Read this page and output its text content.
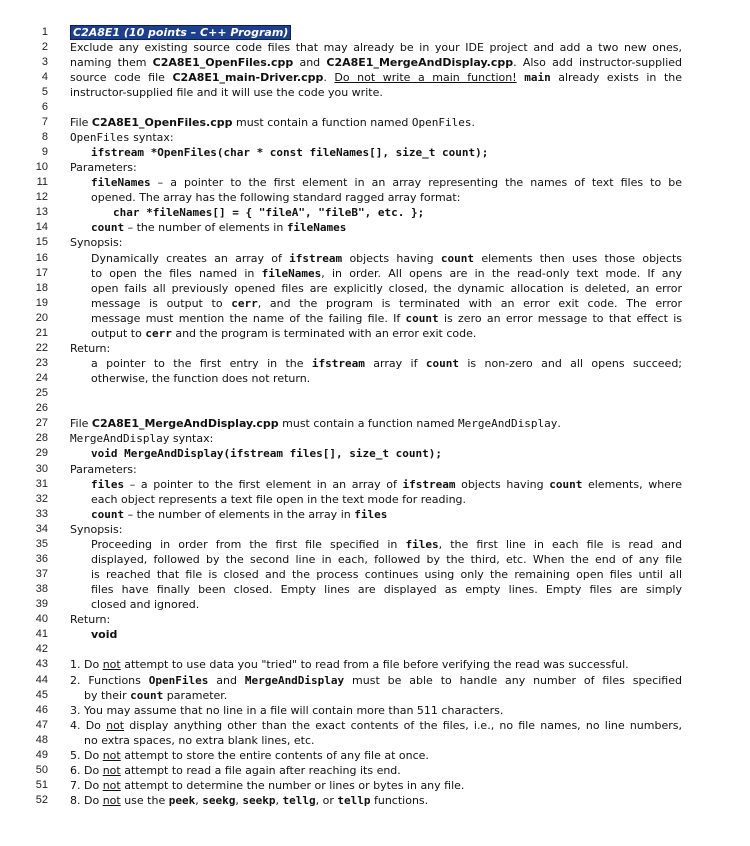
1 C2A8E1 (10 points – C++ Program)
2 Exclude any existing source code files that may already be in your IDE project and add a two new ones,
3 naming them C2A8E1_OpenFiles.cpp and C2A8E1_MergeAndDisplay.cpp. Also add instructor-supplied
4 source code file C2A8E1_main-Driver.cpp. Do not write a main function! main already exists in the
5 instructor-supplied file and it will use the code you write.
6
7 File C2A8E1_OpenFiles.cpp must contain a function named OpenFiles.
8 OpenFiles syntax:
9	ifstream *OpenFiles(char * const fileNames[], size_t count);
10 Parameters:
11	fileNames – a pointer to the first element in an array representing the names of text files to be
12	opened. The array has the following standard ragged array format:
13	char *fileNames[] = { "fileA", "fileB", etc. };
14	count – the number of elements in fileNames
15 Synopsis:
16	Dynamically creates an array of ifstream objects having count elements then uses those objects
17	to open the files named in fileNames, in order. All opens are in the read-only text mode. If any
18	open fails all previously opened files are explicitly closed, the dynamic allocation is deleted, an error
19	message is output to cerr, and the program is terminated with an error exit code. The error
20	message must mention the name of the failing file. If count is zero an error message to that effect is
21	output to cerr and the program is terminated with an error exit code.
22 Return:
23	a pointer to the first entry in the ifstream array if count is non-zero and all opens succeed;
24	otherwise, the function does not return.
25
26
27 File C2A8E1_MergeAndDisplay.cpp must contain a function named MergeAndDisplay.
28 MergeAndDisplay syntax:
29	void MergeAndDisplay(ifstream files[], size_t count);
30 Parameters:
31	files – a pointer to the first element in an array of ifstream objects having count elements, where
32	each object represents a text file open in the text mode for reading.
33	count – the number of elements in the array in files
34 Synopsis:
35	Proceeding in order from the first file specified in files, the first line in each file is read and
36	displayed, followed by the second line in each, followed by the third, etc. When the end of any file
37	is reached that file is closed and the process continues using only the remaining open files until all
38	files have finally been closed. Empty lines are displayed as empty lines. Empty files are simply
39	closed and ignored.
40 Return:
41	void
42
43 1. Do not attempt to use data you "tried" to read from a file before verifying the read was successful.
44 2. Functions OpenFiles and MergeAndDisplay must be able to handle any number of files specified
45	by their count parameter.
46 3. You may assume that no line in a file will contain more than 511 characters.
47 4. Do not display anything other than the exact contents of the files, i.e., no file names, no line numbers,
48	no extra spaces, no extra blank lines, etc.
49 5. Do not attempt to store the entire contents of any file at once.
50 6. Do not attempt to read a file again after reaching its end.
51 7. Do not attempt to determine the number or lines or bytes in any file.
52 8. Do not use the peek, seekg, seekp, tellg, or tellp functions.
